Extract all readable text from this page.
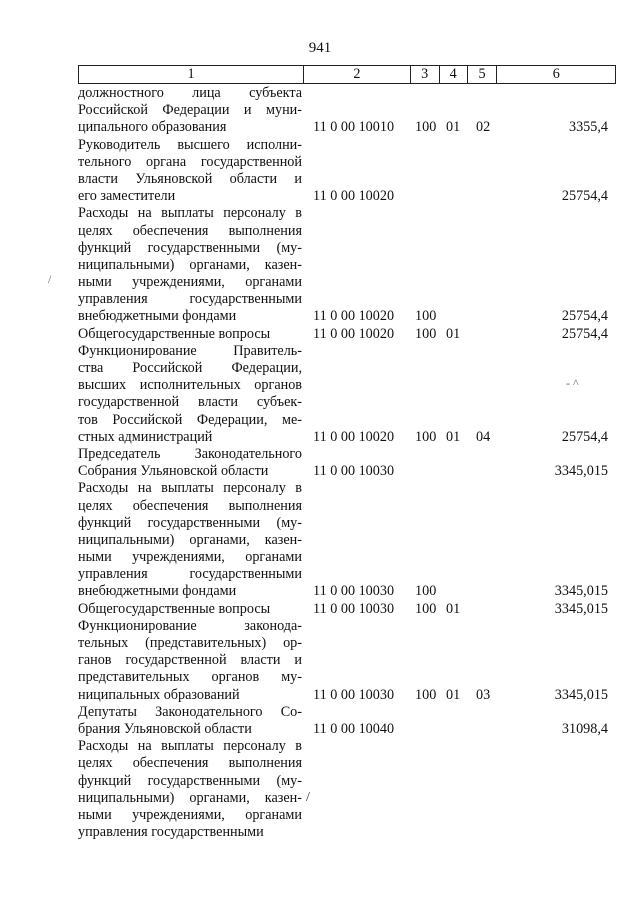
941
1	2	3	4	5	6
должностного лица субъекта
Российской Федерации и муни-
ципального образования	11 0 00 10010 100 01 02	3355,4
Руководитель высшего исполни-
тельного органа государственной
власти Ульяновской области и
его заместители	11 0 00 10020	25754,4
Расходы на выплаты персоналу в
целях обеспечения выполнения
функций государственными (му-
ниципальными) органами, казен-
ными учреждениями, органами
управления государственными
внебюджетными фондами	11 0 00 10020 100	25754,4
Общегосударственные вопросы	11 0 00 10020 100 01	25754,4
Функционирование Правитель-
ства Российской Федерации,
высших исполнительных органов
государственной власти субъек-
тов Российской Федерации, ме-
стных администраций	11 0 00 10020 100 01 04	25754,4
Председатель Законодательного
Собрания Ульяновской области	11 0 00 10030	3345,015
Расходы на выплаты персоналу в
целях обеспечения выполнения
функций государственными (му-
ниципальными) органами, казен-
ными учреждениями, органами
управления государственными
внебюджетными фондами	11 0 00 10030 100	3345,015
Общегосударственные вопросы	11 0 00 10030 100 01	3345,015
Функционирование законода-
тельных (представительных) ор-
ганов государственной власти и
представительных органов му-
ниципальных образований	11 0 00 10030 100 01 03	3345,015
Депутаты Законодательного Со-
брания Ульяновской области	11 0 00 10040	31098,4
Расходы на выплаты персоналу в
целях обеспечения выполнения
функций государственными (му-
ниципальными) органами, казен-
ными учреждениями, органами
управления государственными
/
- ^
/
